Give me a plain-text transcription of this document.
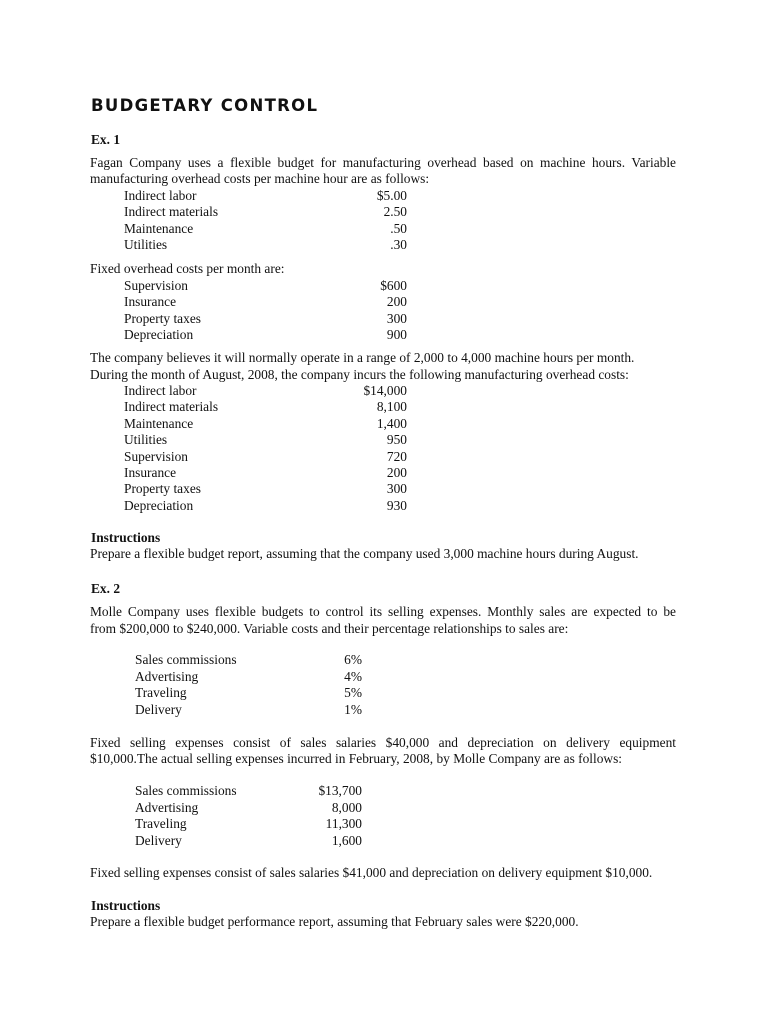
BUDGETARY CONTROL
Ex. 1
Fagan Company uses a flexible budget for manufacturing overhead based on machine hours. Variable
manufacturing overhead costs per machine hour are as follows:
Indirect labor	$5.00
Indirect materials	2.50
Maintenance	.50
Utilities	.30
Fixed overhead costs per month are:
Supervision	$600
Insurance	200
Property taxes	300
Depreciation	900
The company believes it will normally operate in a range of 2,000 to 4,000 machine hours per month.
During the month of August, 2008, the company incurs the following manufacturing overhead costs:
Indirect labor	$14,000
Indirect materials	8,100
Maintenance	1,400
Utilities	950
Supervision	720
Insurance	200
Property taxes	300
Depreciation	930
Instructions
Prepare a flexible budget report, assuming that the company used 3,000 machine hours during August.
Ex. 2
Molle Company uses flexible budgets to control its selling expenses. Monthly sales are expected to be
from $200,000 to $240,000. Variable costs and their percentage relationships to sales are:
Sales commissions	6%
Advertising	4%
Traveling	5%
Delivery	1%
Fixed selling expenses consist of sales salaries $40,000 and depreciation on delivery equipment
$10,000.The actual selling expenses incurred in February, 2008, by Molle Company are as follows:
Sales commissions	$13,700
Advertising	8,000
Traveling	11,300
Delivery	1,600
Fixed selling expenses consist of sales salaries $41,000 and depreciation on delivery equipment $10,000.
Instructions
Prepare a flexible budget performance report, assuming that February sales were $220,000.
